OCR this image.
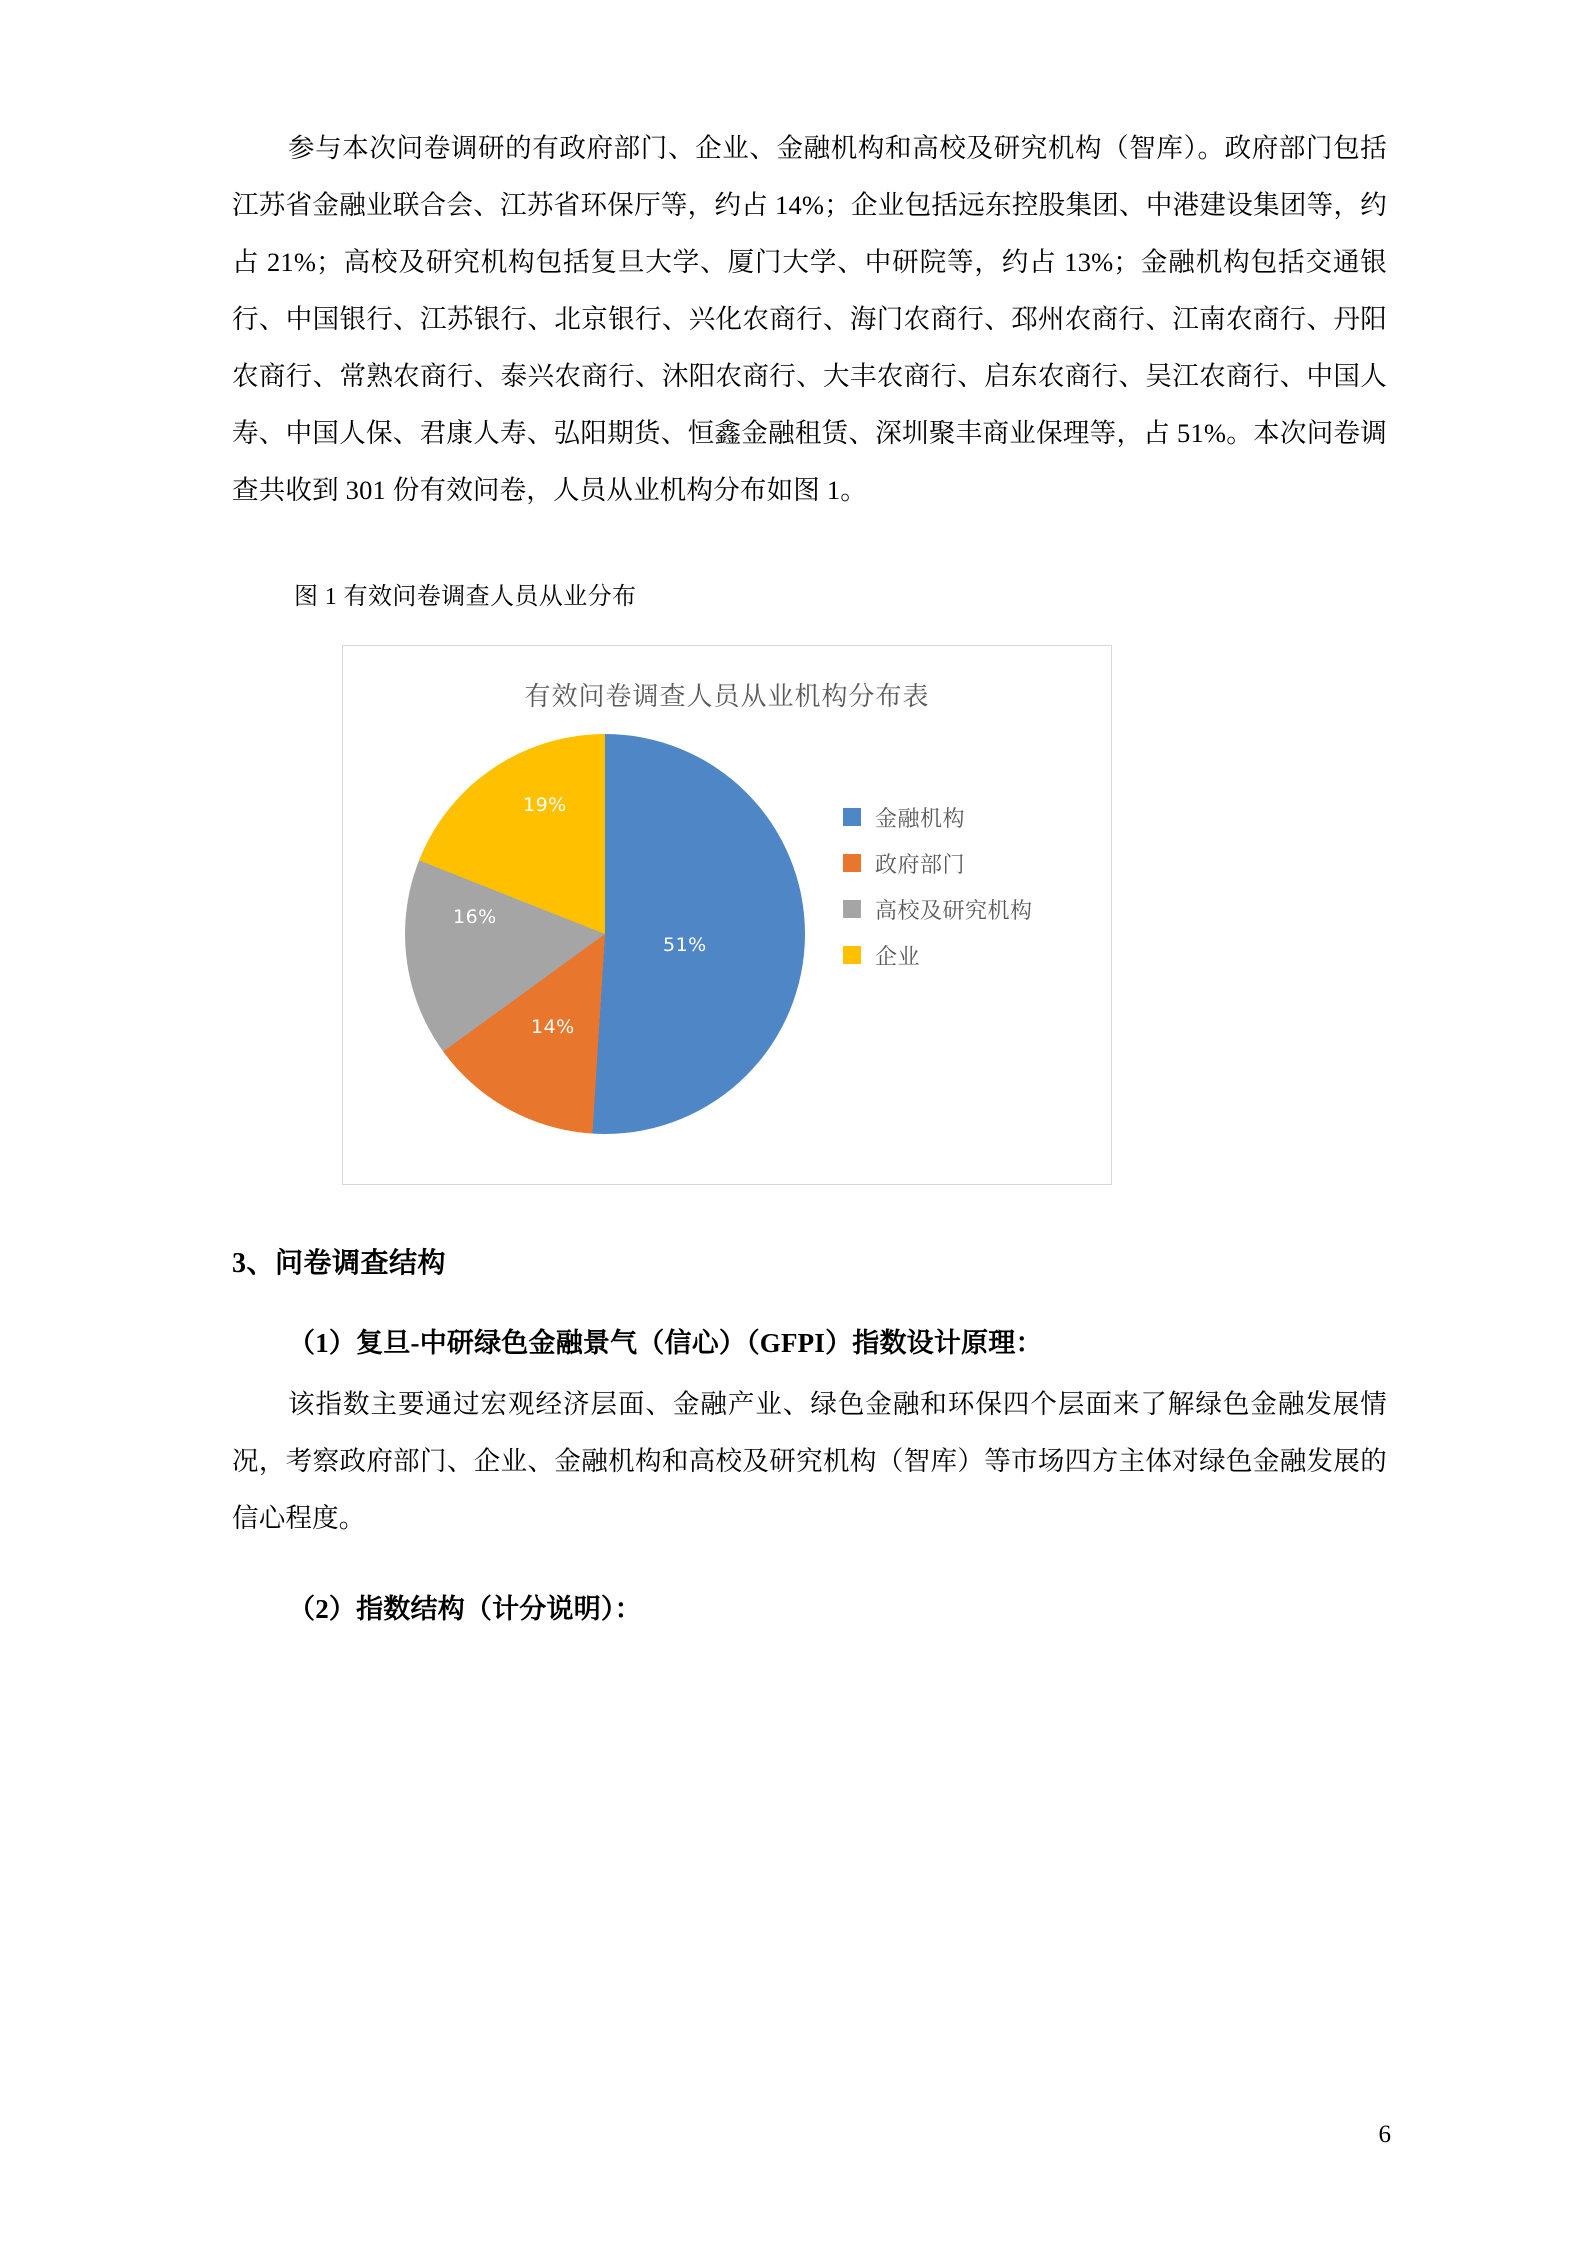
参与本次问卷调研的有政府部门、企业、金融机构和高校及研究机构（智库）。政府部门包括江苏省金融业联合会、江苏省环保厅等，约占 14%；企业包括远东控股集团、中港建设集团等，约占 21%；高校及研究机构包括复旦大学、厦门大学、中研院等，约占 13%；金融机构包括交通银行、中国银行、江苏银行、北京银行、兴化农商行、海门农商行、邳州农商行、江南农商行、丹阳农商行、常熟农商行、泰兴农商行、沐阳农商行、大丰农商行、启东农商行、吴江农商行、中国人寿、中国人保、君康人寿、弘阳期货、恒鑫金融租赁、深圳聚丰商业保理等，占 51%。本次问卷调查共收到 301 份有效问卷，人员从业机构分布如图 1。

图 1 有效问卷调查人员从业分布
有效问卷调查人员从业机构分布表
51%
14%
16%
19%
金融机构
政府部门
高校及研究机构
企业
3、问卷调查结构

（1）复旦-中研绿色金融景气（信心）（GFPI）指数设计原理：

该指数主要通过宏观经济层面、金融产业、绿色金融和环保四个层面来了解绿色金融发展情况，考察政府部门、企业、金融机构和高校及研究机构（智库）等市场四方主体对绿色金融发展的信心程度。

（2）指数结构（计分说明）：

6
